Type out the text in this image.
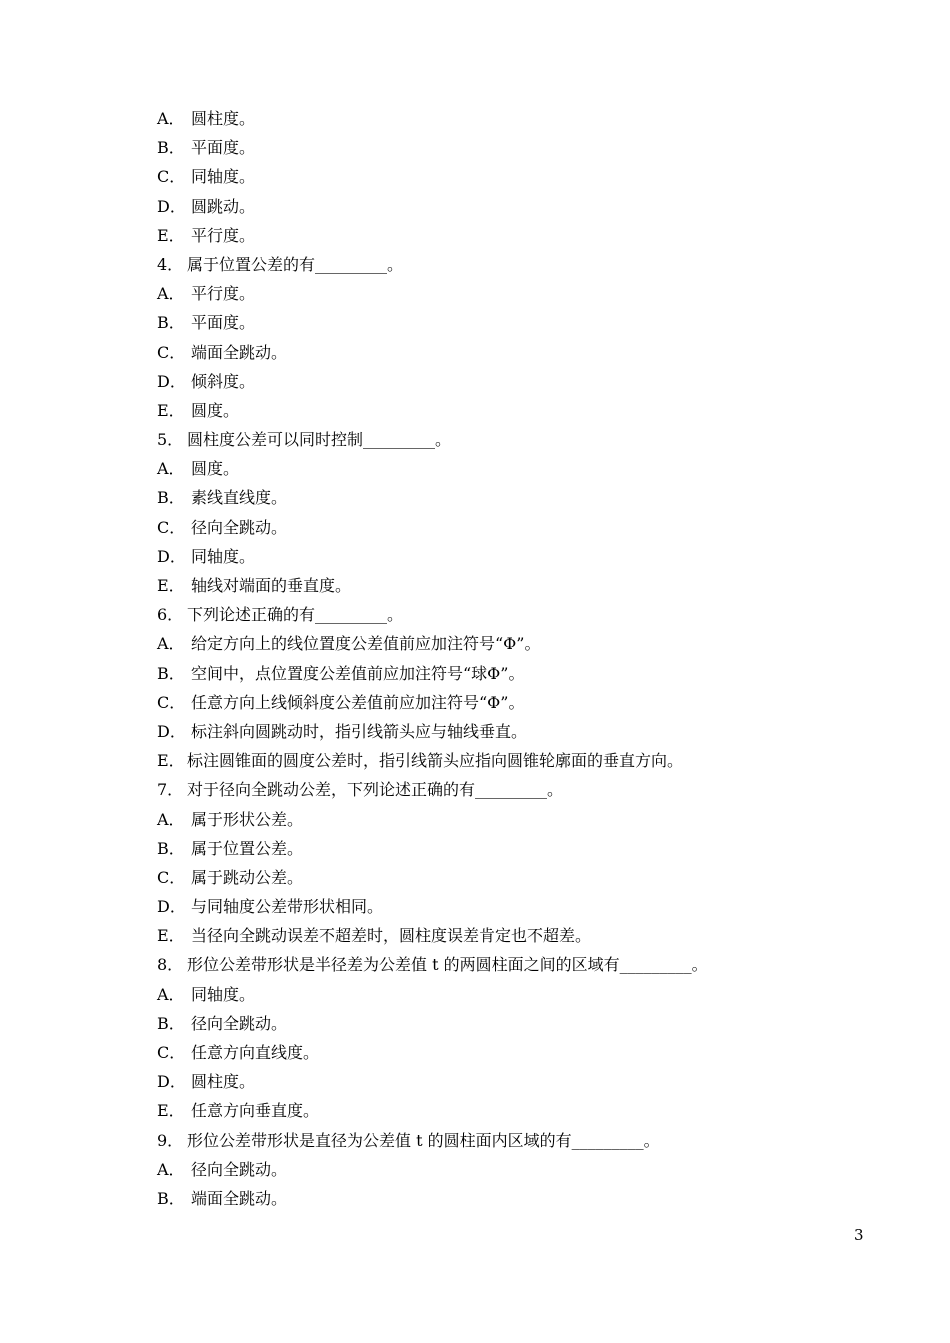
A． 圆柱度。
B． 平面度。
C． 同轴度。
D． 圆跳动。
E． 平行度。
4． 属于位置公差的有_________。
A． 平行度。
B． 平面度。
C． 端面全跳动。
D． 倾斜度。
E． 圆度。
5． 圆柱度公差可以同时控制_________。
A． 圆度。
B． 素线直线度。
C． 径向全跳动。
D． 同轴度。
E． 轴线对端面的垂直度。
6． 下列论述正确的有_________。
A． 给定方向上的线位置度公差值前应加注符号“Φ”。
B． 空间中，点位置度公差值前应加注符号“球Φ”。
C． 任意方向上线倾斜度公差值前应加注符号“Φ”。
D． 标注斜向圆跳动时，指引线箭头应与轴线垂直。
E． 标注圆锥面的圆度公差时，指引线箭头应指向圆锥轮廓面的垂直方向。
7． 对于径向全跳动公差，下列论述正确的有_________。
A． 属于形状公差。
B． 属于位置公差。
C． 属于跳动公差。
D． 与同轴度公差带形状相同。
E． 当径向全跳动误差不超差时，圆柱度误差肯定也不超差。
8． 形位公差带形状是半径差为公差值 t 的两圆柱面之间的区域有_________。
A． 同轴度。
B． 径向全跳动。
C． 任意方向直线度。
D． 圆柱度。
E． 任意方向垂直度。
9． 形位公差带形状是直径为公差值 t 的圆柱面内区域的有_________。
A． 径向全跳动。
B． 端面全跳动。
3
